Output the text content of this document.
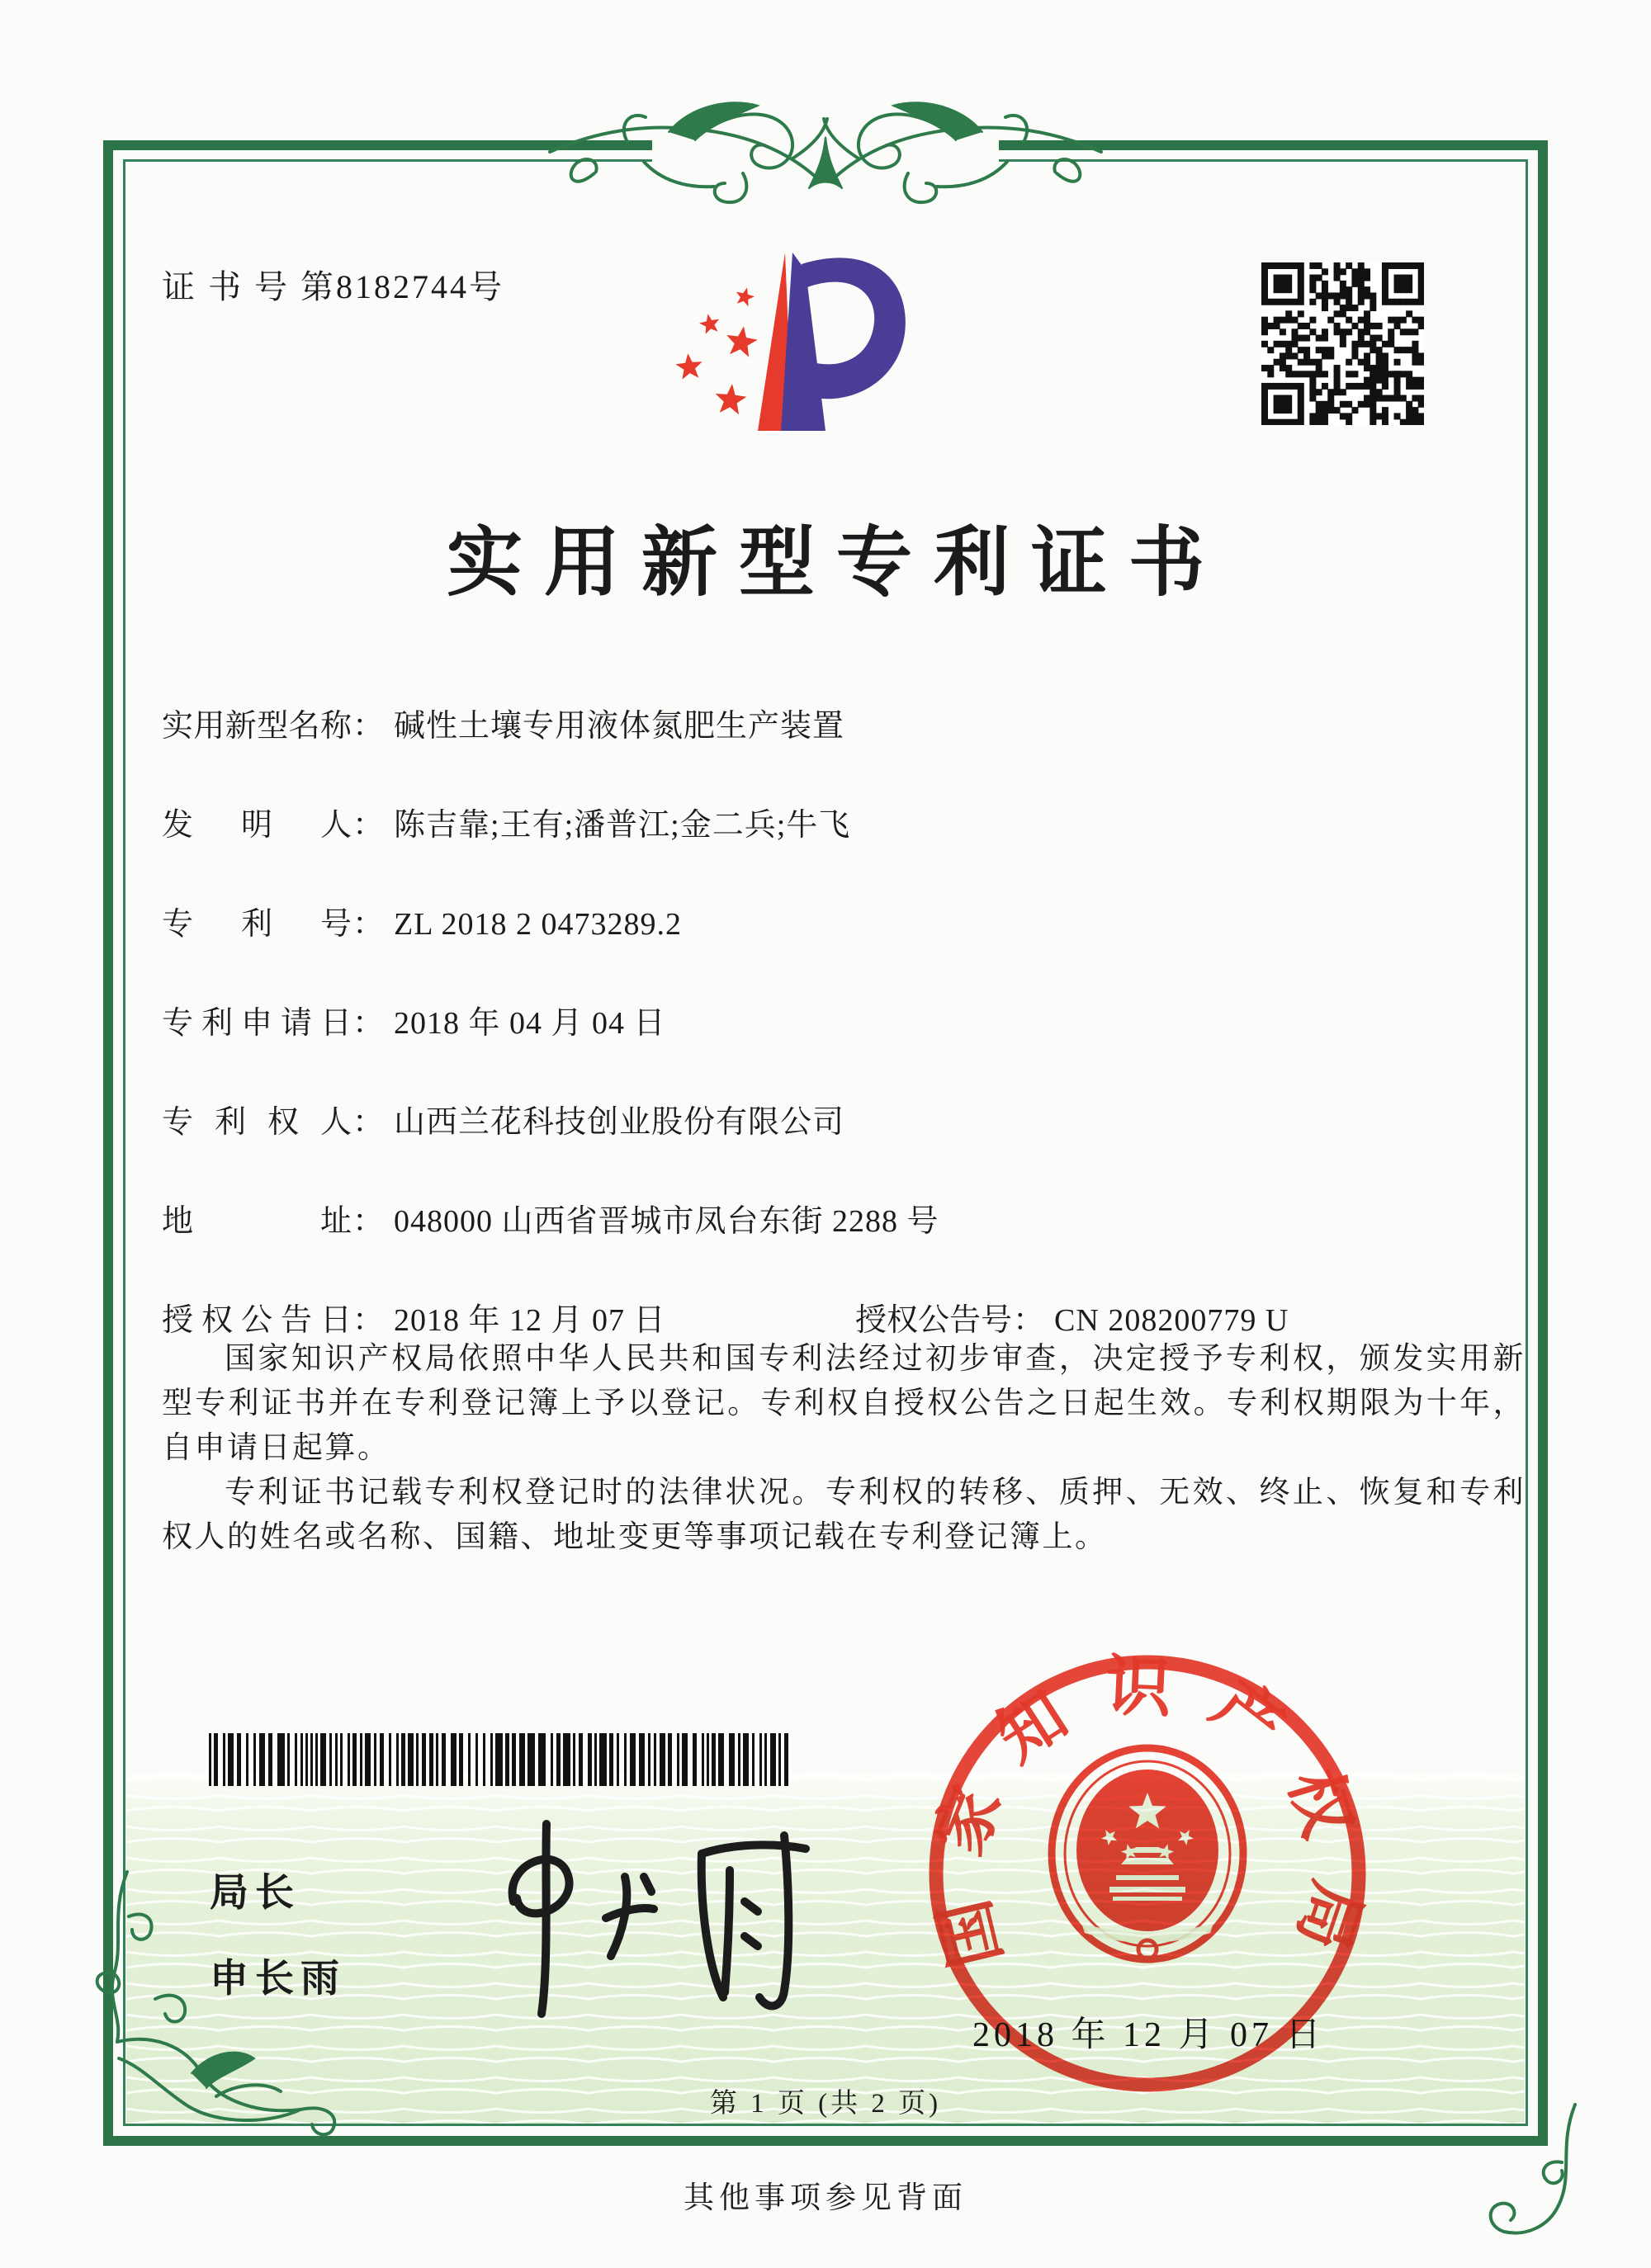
证 书 号 第8182744号
实用新型专利证书
实用新型名称： 碱性土壤专用液体氮肥生产装置
发明人： 陈吉靠;王有;潘普江;金二兵;牛飞
专利号： ZL 2018 2 0473289.2
专利申请日： 2018 年 04 月 04 日
专利权人： 山西兰花科技创业股份有限公司
地址： 048000 山西省晋城市凤台东街 2288 号
授权公告日： 2018 年 12 月 07 日	授权公告号： CN 208200779 U

国家知识产权局依照中华人民共和国专利法经过初步审查，决定授予专利权，颁发实用新型专利证书并在专利登记簿上予以登记。专利权自授权公告之日起生效。专利权期限为十年，自申请日起算。

专利证书记载专利权登记时的法律状况。专利权的转移、质押、无效、终止、恢复和专利权人的姓名或名称、国籍、地址变更等事项记载在专利登记簿上。

局长
申长雨
国家知识产权局
2018 年 12 月 07 日
第 1 页 (共 2 页)
其他事项参见背面
